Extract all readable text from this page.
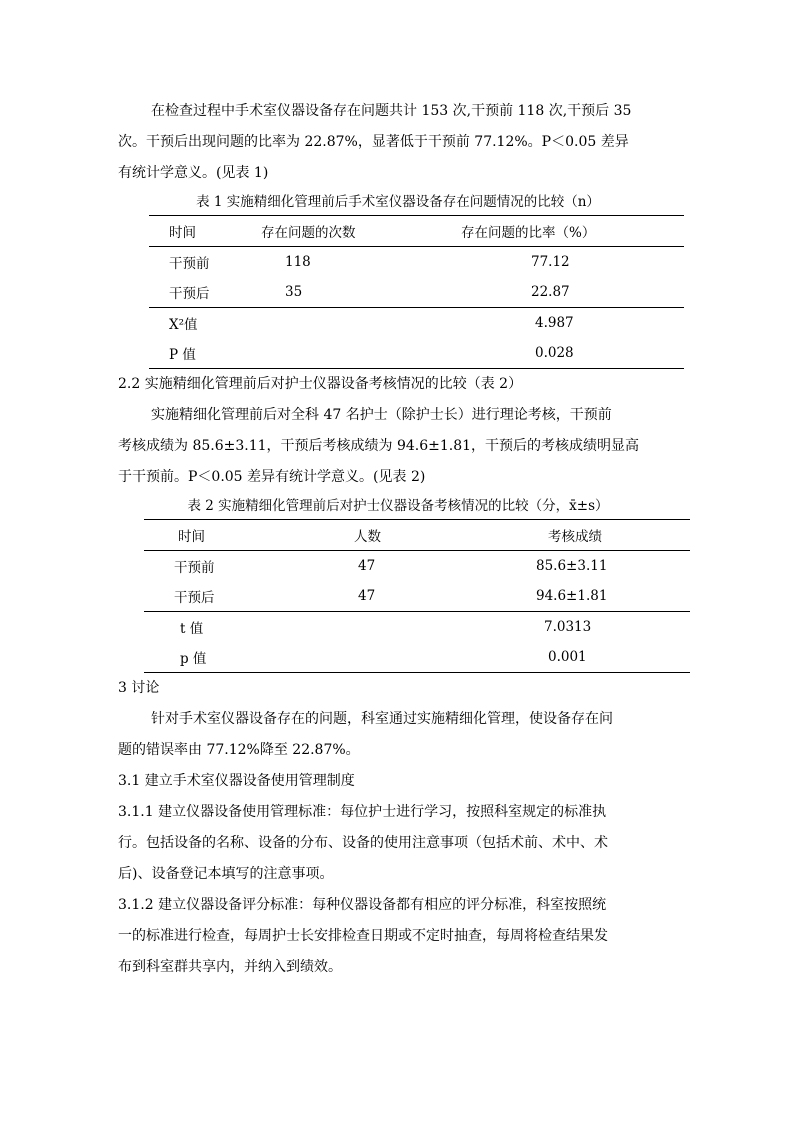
在检查过程中手术室仪器设备存在问题共计 153 次,干预前 118 次,干预后 35
次。干预后出现问题的比率为 22.87%，显著低于干预前 77.12%。P＜0.05 差异
有统计学意义。(见表 1)
表 1 实施精细化管理前后手术室仪器设备存在问题情况的比较（n）
时间	存在问题的次数	存在问题的比率（%）
干预前	118	77.12
干预后	35	22.87
X²值		4.987
P 值		0.028
2.2 实施精细化管理前后对护士仪器设备考核情况的比较（表 2）
实施精细化管理前后对全科 47 名护士（除护士长）进行理论考核，干预前
考核成绩为 85.6±3.11，干预后考核成绩为 94.6±1.81，干预后的考核成绩明显高
于干预前。P＜0.05 差异有统计学意义。(见表 2)
表 2 实施精细化管理前后对护士仪器设备考核情况的比较（分，x̄±s）
时间	人数	考核成绩
干预前	47	85.6±3.11
干预后	47	94.6±1.81
t 值		7.0313
p 值		0.001
3 讨论
针对手术室仪器设备存在的问题，科室通过实施精细化管理，使设备存在问
题的错误率由 77.12%降至 22.87%。
3.1 建立手术室仪器设备使用管理制度
3.1.1 建立仪器设备使用管理标准：每位护士进行学习，按照科室规定的标准执
行。包括设备的名称、设备的分布、设备的使用注意事项（包括术前、术中、术
后)、设备登记本填写的注意事项。
3.1.2 建立仪器设备评分标准：每种仪器设备都有相应的评分标准，科室按照统
一的标准进行检查，每周护士长安排检查日期或不定时抽查，每周将检查结果发
布到科室群共享内，并纳入到绩效。
